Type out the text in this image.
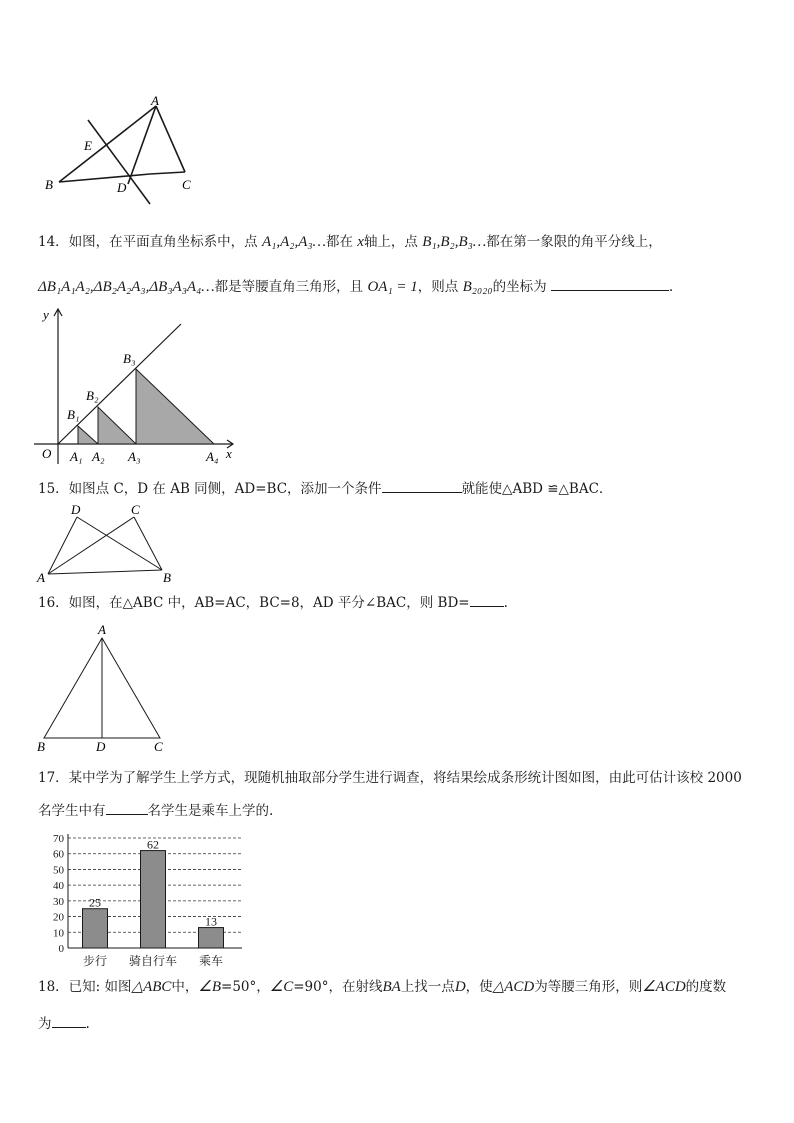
A
E
B	D	C
14．如图，在平面直角坐标系中，点 A₁,A₂,A₃…都在 x轴上，点 B₁,B₂,B₃…都在第一象限的角平分线上，
ΔB₁A₁A₂,ΔB₂A₂A₃,ΔB₃A₃A₄…都是等腰直角三角形，且 OA₁ = 1，则点 B₂₀₂₀的坐标为	.
y
x
O
B₁
B₂
B₃
A₁ A₂ A₃	A₄
15．如图点 C，D 在 AB 同侧，AD=BC，添加一个条件	就能使△ABD ≌△BAC．
A	B
D	C
16．如图，在△ABC 中，AB=AC，BC=8，AD 平分∠BAC，则 BD=	.
A
B	D	C
17．某中学为了解学生上学方式，现随机抽取部分学生进行调查，将结果绘成条形统计图如图，由此可估计该校 2000
名学生中有	名学生是乘车上学的.
0
10
20
30
40
50
60
70
25
步行
62
骑自行车
13
乘车
18．已知: 如图△ABC中，∠B=50°，∠C=90°，在射线BA上找一点D，使△ACD为等腰三角形，则∠ACD的度数
为	.
